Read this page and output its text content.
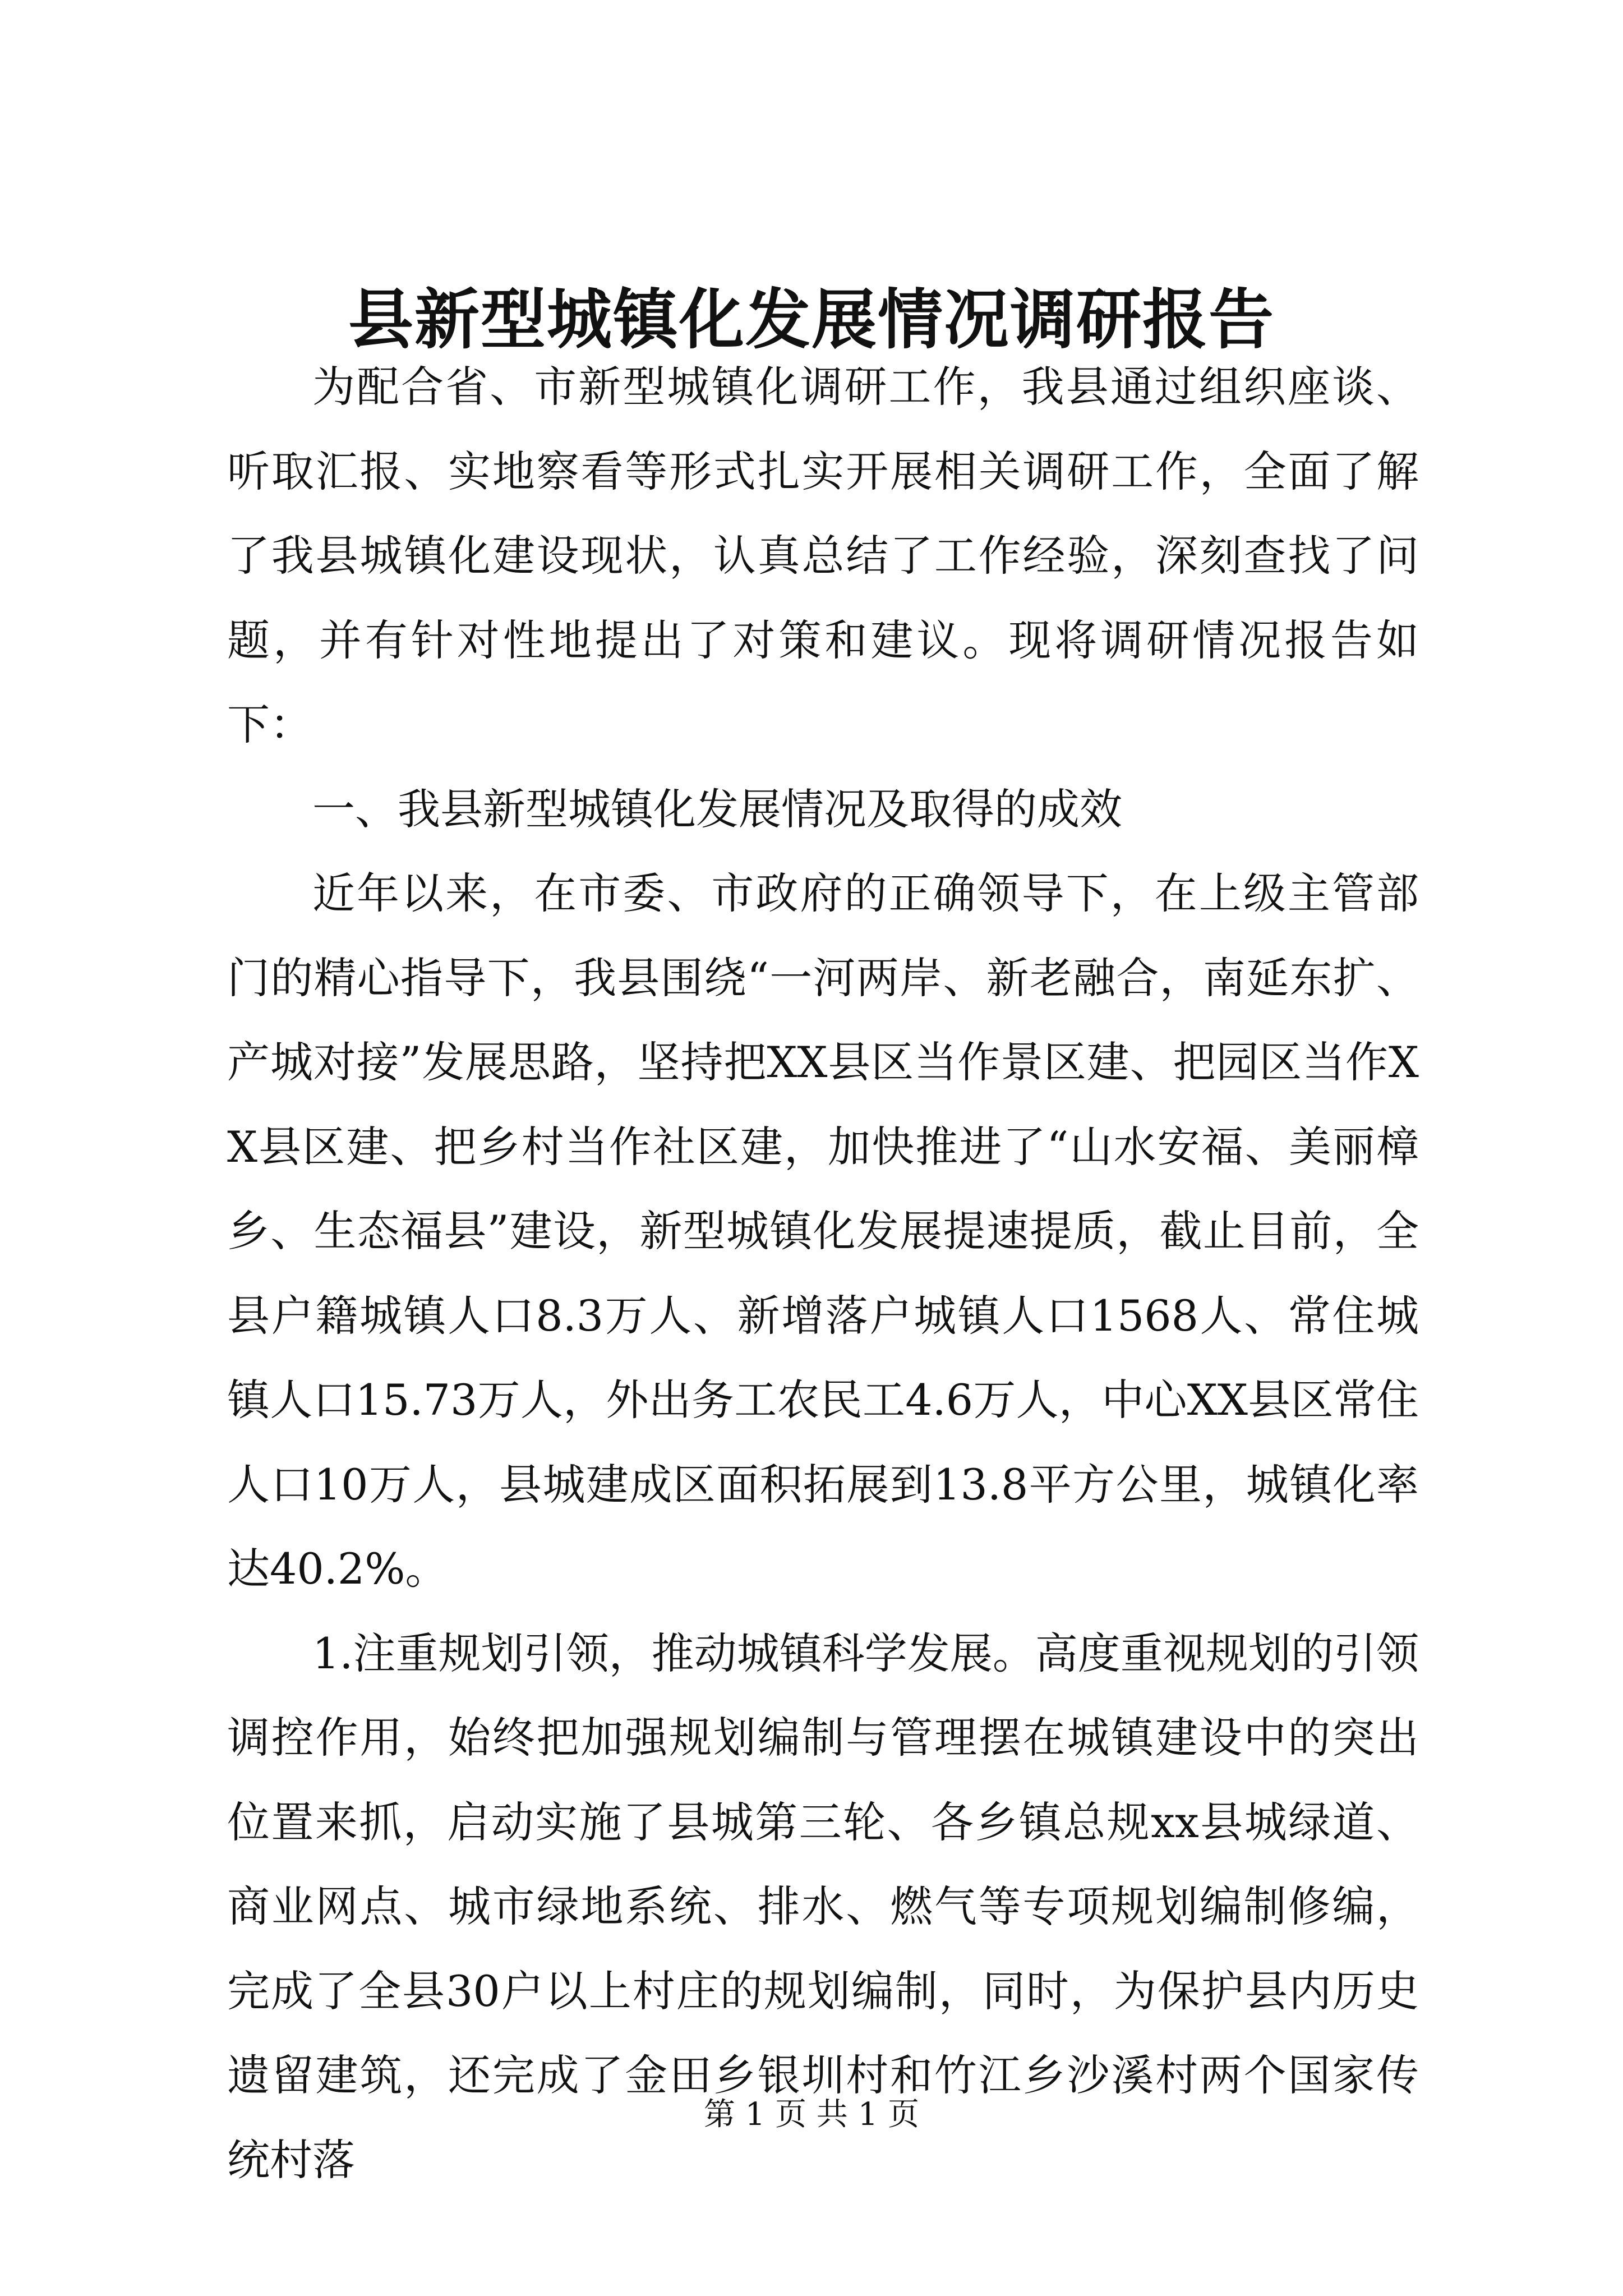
县新型城镇化发展情况调研报告

为配合省、市新型城镇化调研工作，我县通过组织座谈、听取汇报、实地察看等形式扎实开展相关调研工作，全面了解了我县城镇化建设现状，认真总结了工作经验，深刻查找了问题，并有针对性地提出了对策和建议。现将调研情况报告如下：

一、我县新型城镇化发展情况及取得的成效

近年以来，在市委、市政府的正确领导下，在上级主管部门的精心指导下，我县围绕“一河两岸、新老融合，南延东扩、产城对接”发展思路，坚持把XX县区当作景区建、把园区当作XX县区建、把乡村当作社区建，加快推进了“山水安福、美丽樟乡、生态福县”建设，新型城镇化发展提速提质，截止目前，全县户籍城镇人口8.3万人、新增落户城镇人口1568人、常住城镇人口15.73万人，外出务工农民工4.6万人，中心XX县区常住人口10万人，县城建成区面积拓展到13.8平方公里，城镇化率达40.2%。

1.注重规划引领，推动城镇科学发展。高度重视规划的引领调控作用，始终把加强规划编制与管理摆在城镇建设中的突出位置来抓，启动实施了县城第三轮、各乡镇总规xx县城绿道、商业网点、城市绿地系统、排水、燃气等专项规划编制修编，完成了全县30户以上村庄的规划编制，同时，为保护县内历史遗留建筑，还完成了金田乡银圳村和竹江乡沙溪村两个国家传统村落

第 1 页 共 1 页
